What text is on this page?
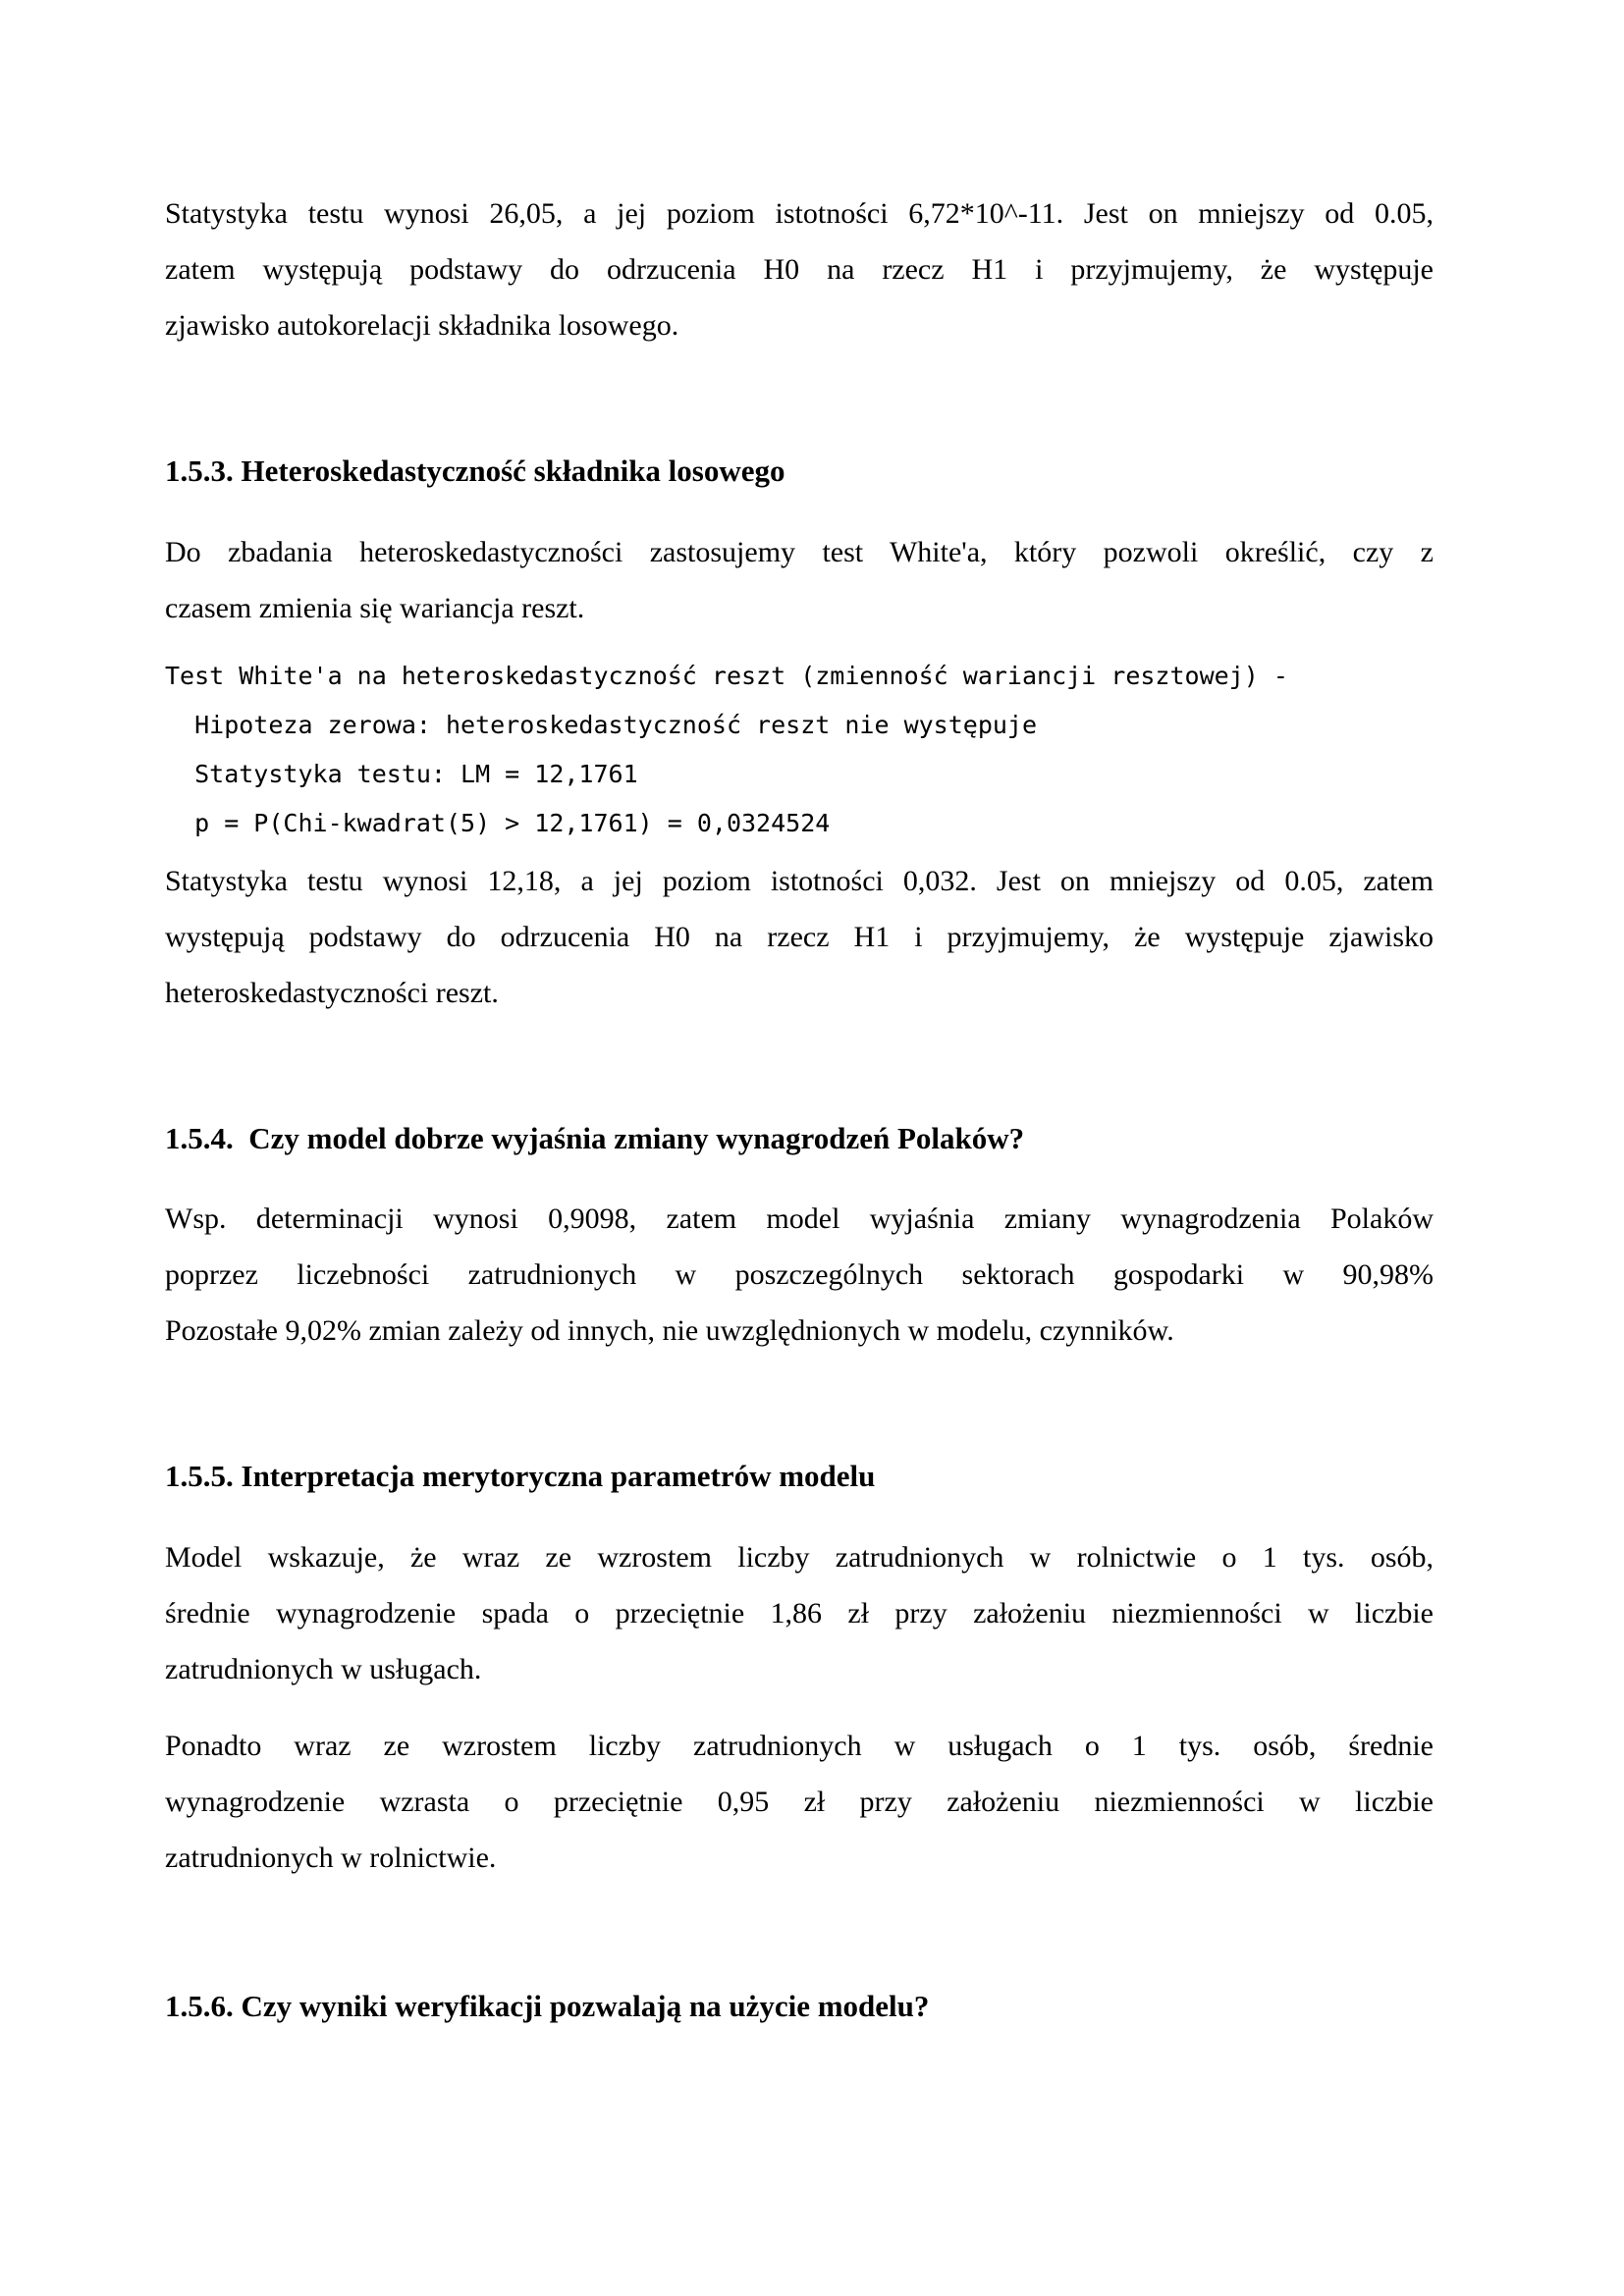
Statystyka testu wynosi 26,05, a jej poziom istotności 6,72*10^-11. Jest on mniejszy od 0.05,
zatem występują podstawy do odrzucenia H0 na rzecz H1 i przyjmujemy, że występuje
zjawisko autokorelacji składnika losowego.
1.5.3. Heteroskedastyczność składnika losowego
Do zbadania heteroskedastyczności zastosujemy test White'a, który pozwoli określić, czy z
czasem zmienia się wariancja reszt.
Test White'a na heteroskedastyczność reszt (zmienność wariancji resztowej) -
Hipoteza zerowa: heteroskedastyczność reszt nie występuje
Statystyka testu: LM = 12,1761
p = P(Chi-kwadrat(5) > 12,1761) = 0,0324524
Statystyka testu wynosi 12,18, a jej poziom istotności 0,032. Jest on mniejszy od 0.05, zatem
występują podstawy do odrzucenia H0 na rzecz H1 i przyjmujemy, że występuje zjawisko
heteroskedastyczności reszt.
1.5.4.  Czy model dobrze wyjaśnia zmiany wynagrodzeń Polaków?
Wsp. determinacji wynosi 0,9098, zatem model wyjaśnia zmiany wynagrodzenia Polaków
poprzez liczebności zatrudnionych w poszczególnych sektorach gospodarki w 90,98%
Pozostałe 9,02% zmian zależy od innych, nie uwzględnionych w modelu, czynników.
1.5.5. Interpretacja merytoryczna parametrów modelu
Model wskazuje, że wraz ze wzrostem liczby zatrudnionych w rolnictwie o 1 tys. osób,
średnie wynagrodzenie spada o przeciętnie 1,86 zł przy założeniu niezmienności w liczbie
zatrudnionych w usługach.
Ponadto wraz ze wzrostem liczby zatrudnionych w usługach o 1 tys. osób, średnie
wynagrodzenie wzrasta o przeciętnie 0,95 zł przy założeniu niezmienności w liczbie
zatrudnionych w rolnictwie.
1.5.6. Czy wyniki weryfikacji pozwalają na użycie modelu?
